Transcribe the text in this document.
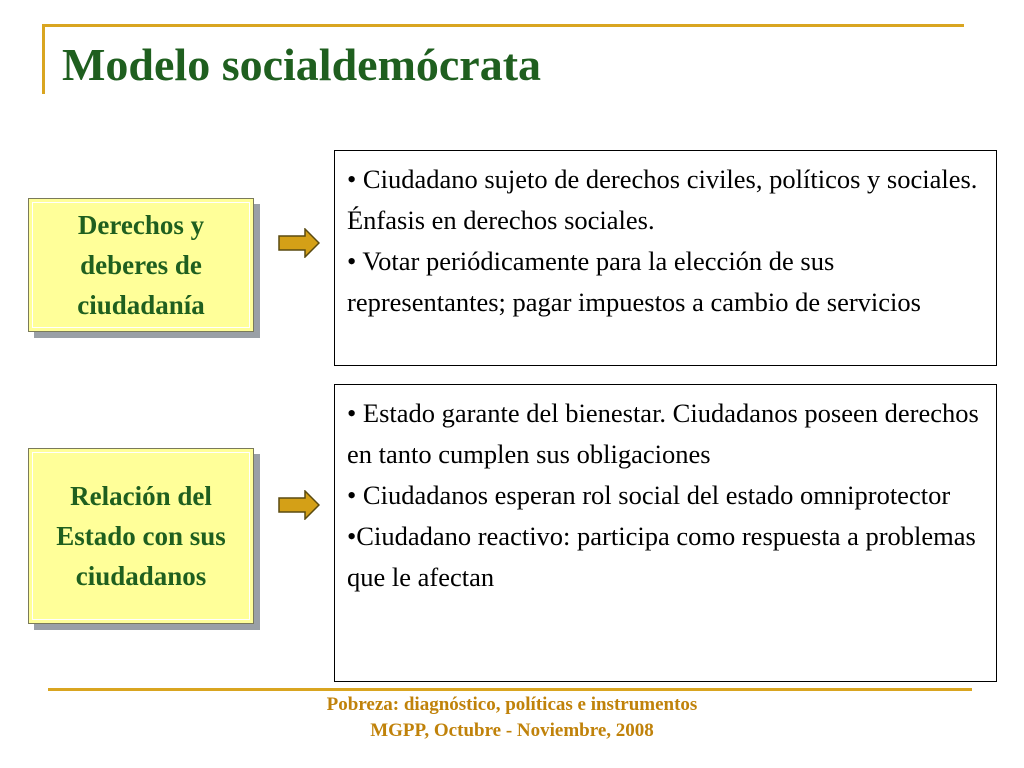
Modelo socialdemócrata
Derechos y deberes de ciudadanía

• Ciudadano sujeto de derechos civiles, políticos y sociales. Énfasis en derechos sociales.

• Votar periódicamente para la elección de sus representantes; pagar impuestos a cambio de servicios

Relación del Estado con sus ciudadanos

• Estado garante del bienestar. Ciudadanos poseen derechos en tanto cumplen sus obligaciones

• Ciudadanos esperan rol social del estado omniprotector

•Ciudadano reactivo: participa como respuesta a problemas que le afectan

Pobreza: diagnóstico, políticas e instrumentos

MGPP, Octubre - Noviembre, 2008
